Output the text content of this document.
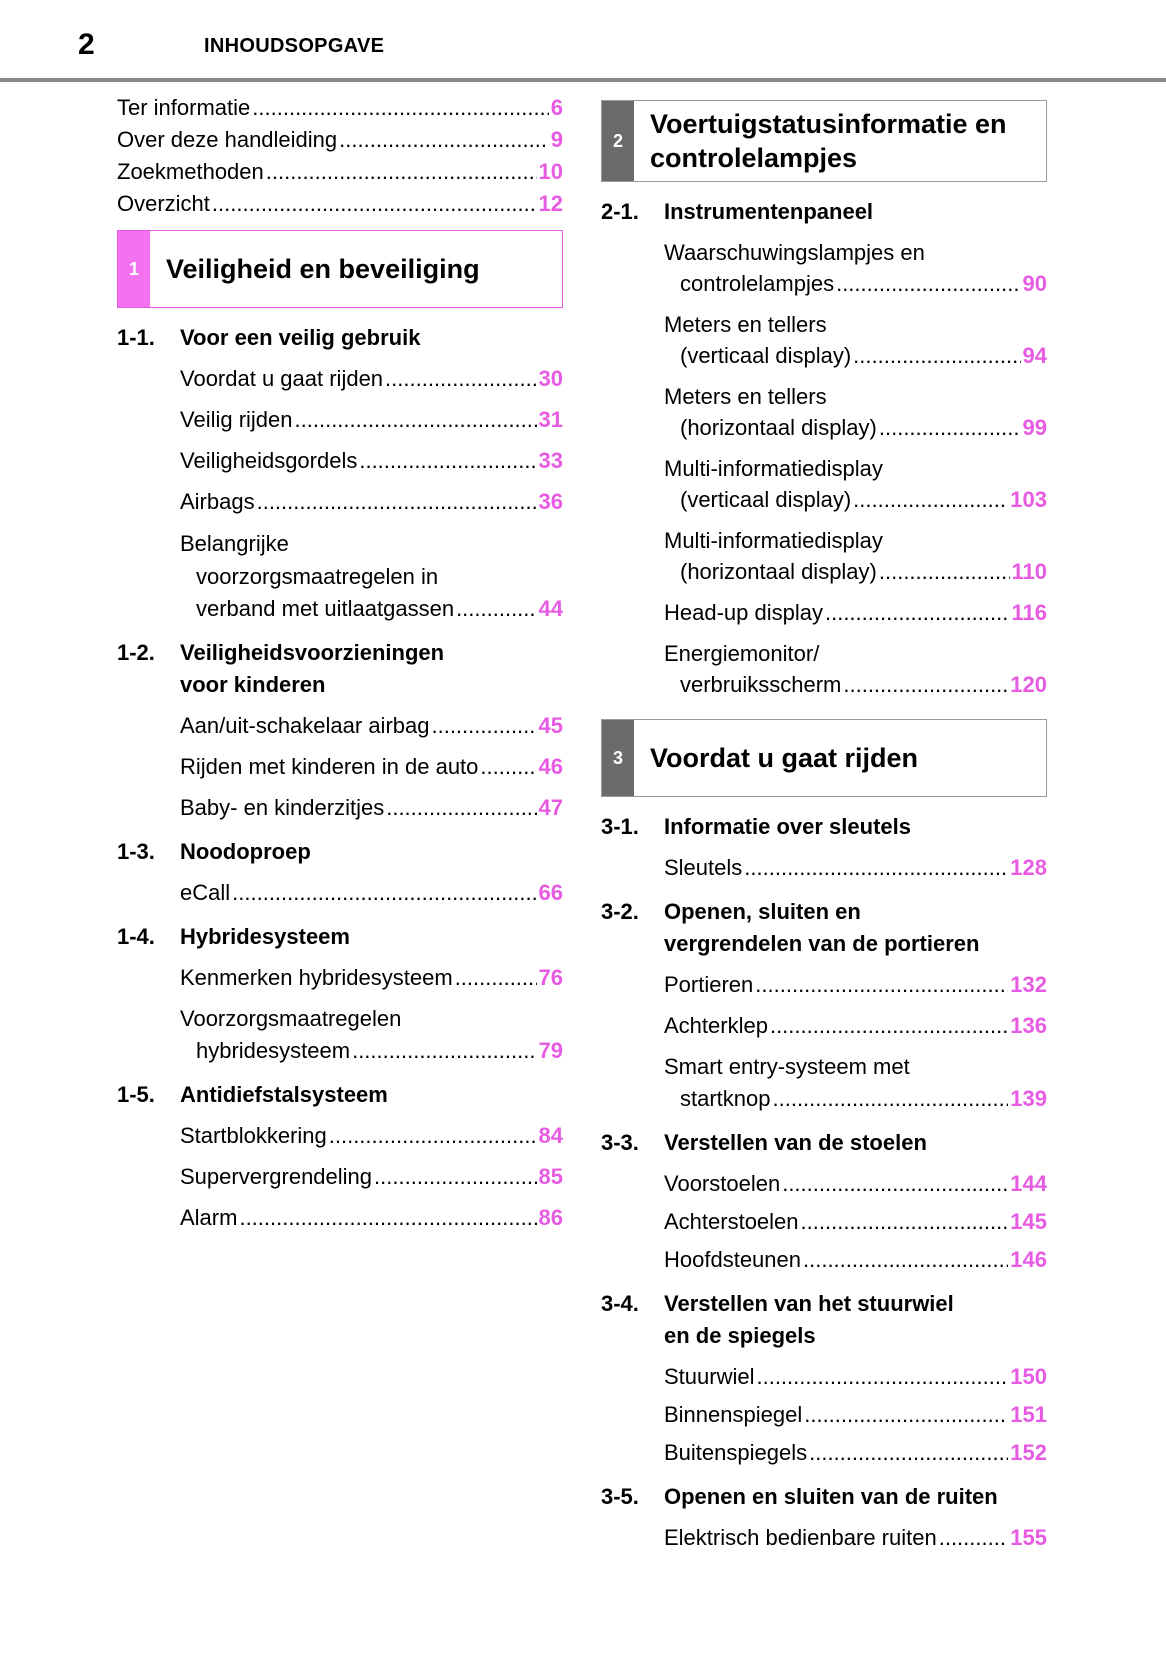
2	INHOUDSOPGAVE
Ter informatie .....	6
Over deze handleiding .....	9
Zoekmethoden .....	10
Overzicht .....	12
1	Veiligheid en beveiliging
1-1.	Voor een veilig gebruik
Voordat u gaat rijden .....	30
Veilig rijden .....	31
Veiligheidsgordels .....	33
Airbags .....	36
Belangrijke
voorzorgsmaatregelen in
verband met uitlaatgassen .....	44
1-2.	Veiligheidsvoorzieningen
voor kinderen
Aan/uit-schakelaar airbag .....	45
Rijden met kinderen in de auto .....	46
Baby- en kinderzitjes .....	47
1-3.	Noodoproep
eCall .....	66
1-4.	Hybridesysteem
Kenmerken hybridesysteem .....	76
Voorzorgsmaatregelen
hybridesysteem .....	79
1-5.	Antidiefstalsysteem
Startblokkering .....	84
Supervergrendeling .....	85
Alarm .....	86
2
Voertuigstatusinformatie en
controlelampjes
2-1.	Instrumentenpaneel
Waarschuwingslampjes en
controlelampjes .....	90
Meters en tellers
(verticaal display) .....	94
Meters en tellers
(horizontaal display) .....	99
Multi-informatiedisplay
(verticaal display) .....	103
Multi-informatiedisplay
(horizontaal display) .....	110
Head-up display .....	116
Energiemonitor/
verbruiksscherm .....	120
3	Voordat u gaat rijden
3-1.	Informatie over sleutels
Sleutels .....	128
3-2.	Openen, sluiten en
vergrendelen van de portieren
Portieren .....	132
Achterklep .....	136
Smart entry-systeem met
startknop .....	139
3-3.	Verstellen van de stoelen
Voorstoelen .....	144
Achterstoelen .....	145
Hoofdsteunen .....	146
3-4.	Verstellen van het stuurwiel
en de spiegels
Stuurwiel .....	150
Binnenspiegel .....	151
Buitenspiegels .....	152
3-5.	Openen en sluiten van de ruiten
Elektrisch bedienbare ruiten .....	155
